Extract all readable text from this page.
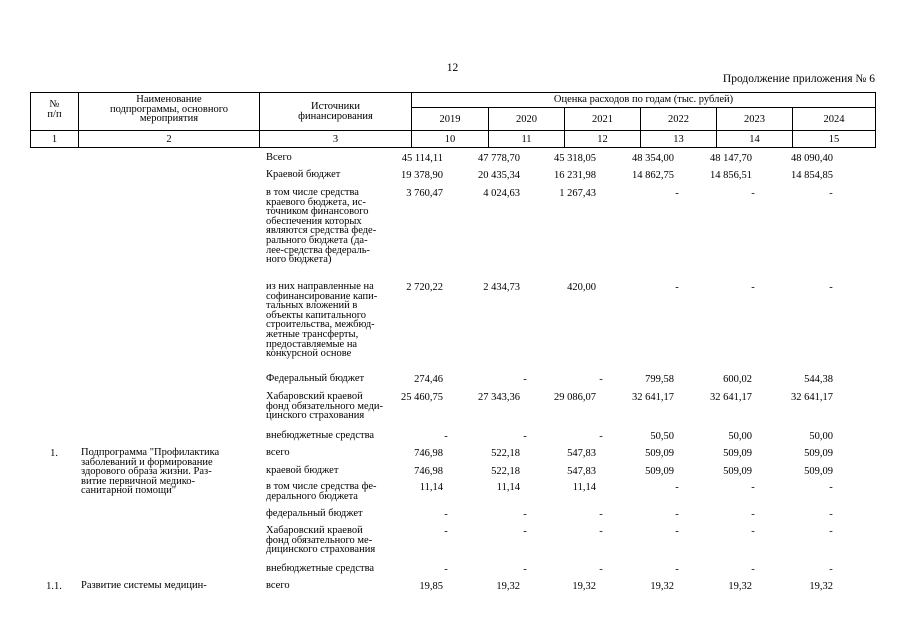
12
Продолжение приложения № 6
№
п/п
Наименование
подпрограммы, основного
мероприятия
Источники
финансирования
Оценка расходов по годам (тыс. рублей)
2019	2020	2021	2022	2023	2024
1	2	3	10	11	12	13	14	15
Всего	45 114,11	47 778,70	45 318,05	48 354,00	48 147,70	48 090,40
Краевой бюджет	19 378,90	20 435,34	16 231,98	14 862,75	14 856,51	14 854,85
в том числе средства
краевого бюджета, ис-
точником финансового
обеспечения которых
являются средства феде-
рального бюджета (да-
лее-средства федераль-
ного бюджета)
3 760,47	4 024,63	1 267,43	-	-	-
из них направленные на
софинансирование капи-
тальных вложений в
объекты капитального
строительства, межбюд-
жетные трансферты,
предоставляемые на
конкурсной основе
2 720,22	2 434,73	420,00	-	-	-
Федеральный бюджет	274,46	-	-	799,58	600,02	544,38
Хабаровский краевой
фонд обязательного меди-
цинского страхования
25 460,75	27 343,36	29 086,07	32 641,17	32 641,17	32 641,17
внебюджетные средства	-	-	-	50,50	50,00	50,00
1.	Подпрограмма "Профилактика
заболеваний и формирование
здорового образа жизни. Раз-
витие первичной медико-
санитарной помощи"
всего	746,98	522,18	547,83	509,09	509,09	509,09
краевой бюджет	746,98	522,18	547,83	509,09	509,09	509,09
в том числе средства фе-
дерального бюджета
11,14	11,14	11,14	-	-	-
федеральный бюджет	-	-	-	-	-	-
Хабаровский краевой
фонд обязательного ме-
дицинского страхования
-	-	-	-	-	-
внебюджетные средства	-	-	-	-	-	-
1.1.	Развитие системы медицин-	всего	19,85	19,32	19,32	19,32	19,32	19,32
